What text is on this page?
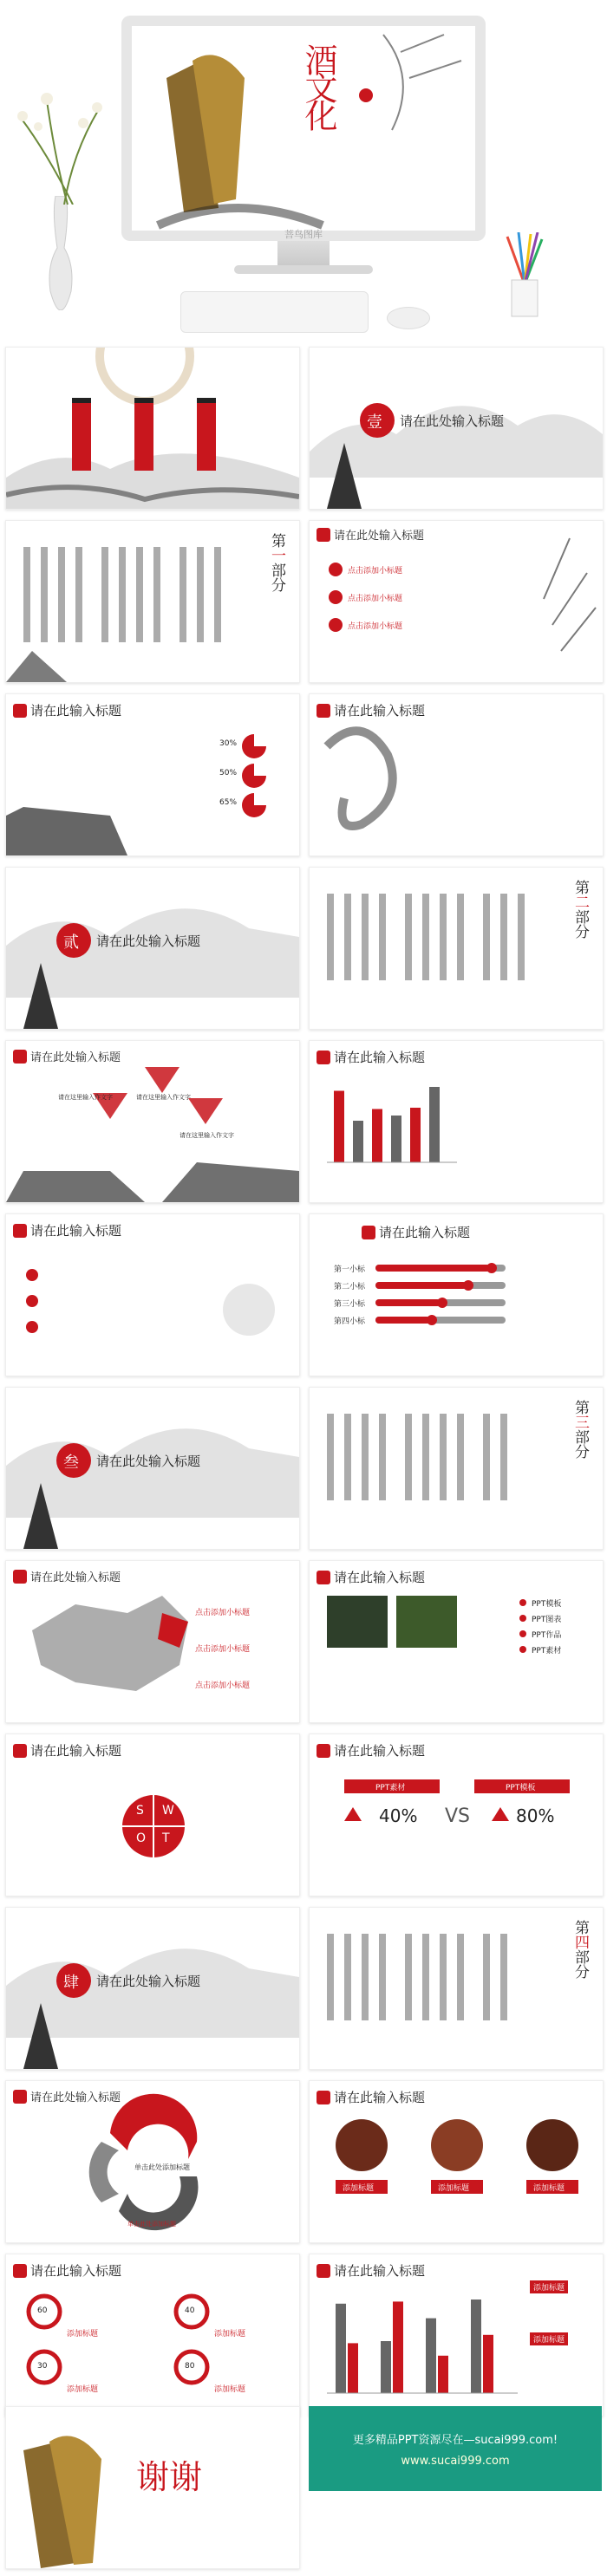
酒文化
菩鸟图库
壹 请在此处输入标题
第一部分
请在此处输入标题
点击添加小标题
点击添加小标题
点击添加小标题
请在此输入标题
30%
50%
65%
请在此输入标题
贰 请在此处输入标题
第二部分
请在此处输入标题
请在这里输入作文字	请在这里输入作文字
请在这里输入作文字
请在此输入标题
请在此输入标题	请在此输入标题
第一小标
第二小标
第三小标
第四小标
叁 请在此处输入标题
第三部分
请在此处输入标题
点击添加小标题
点击添加小标题
点击添加小标题
请在此输入标题
PPT模板
PPT图表
PPT作品
PPT素材
请在此输入标题
S W
O T
请在此输入标题
PPT素材	PPT模板
40% VS	80%
肆 请在此处输入标题
第四部分
请在此处输入标题
单击此处添加标题
单击此处添加标题
请在此输入标题
添加标题	添加标题	添加标题
请在此输入标题
60	40
30	80
添加标题	添加标题
添加标题	添加标题
请在此输入标题
添加标题
添加标题
谢谢
更多精品PPT资源尽在—sucai999.com!
www.sucai999.com
